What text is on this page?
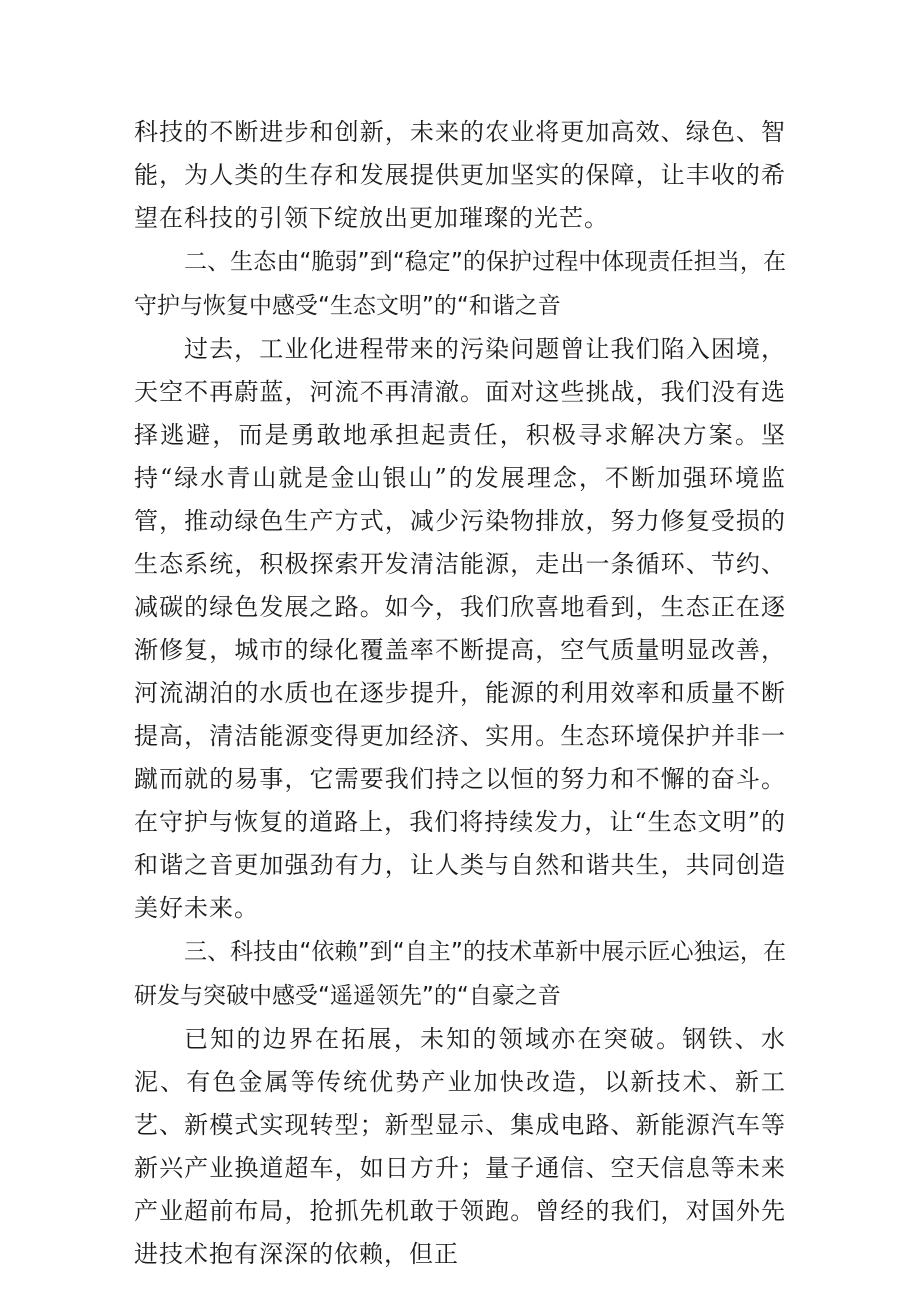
科技的不断进步和创新，未来的农业将更加高效、绿色、智能，为人类的生存和发展提供更加坚实的保障，让丰收的希望在科技的引领下绽放出更加璀璨的光芒。

二、生态由“脆弱”到“稳定”的保护过程中体现责任担当，在守护与恢复中感受“生态文明”的“和谐之音

过去，工业化进程带来的污染问题曾让我们陷入困境，天空不再蔚蓝，河流不再清澈。面对这些挑战，我们没有选择逃避，而是勇敢地承担起责任，积极寻求解决方案。坚持“绿水青山就是金山银山”的发展理念，不断加强环境监管，推动绿色生产方式，减少污染物排放，努力修复受损的生态系统，积极探索开发清洁能源，走出一条循环、节约、减碳的绿色发展之路。如今，我们欣喜地看到，生态正在逐渐修复，城市的绿化覆盖率不断提高，空气质量明显改善，河流湖泊的水质也在逐步提升，能源的利用效率和质量不断提高，清洁能源变得更加经济、实用。生态环境保护并非一蹴而就的易事，它需要我们持之以恒的努力和不懈的奋斗。在守护与恢复的道路上，我们将持续发力，让“生态文明”的和谐之音更加强劲有力，让人类与自然和谐共生，共同创造美好未来。

三、科技由“依赖”到“自主”的技术革新中展示匠心独运，在研发与突破中感受“遥遥领先”的“自豪之音

已知的边界在拓展，未知的领域亦在突破。钢铁、水泥、有色金属等传统优势产业加快改造，以新技术、新工艺、新模式实现转型；新型显示、集成电路、新能源汽车等新兴产业换道超车，如日方升；量子通信、空天信息等未来产业超前布局，抢抓先机敢于领跑。曾经的我们，对国外先进技术抱有深深的依赖，但正
